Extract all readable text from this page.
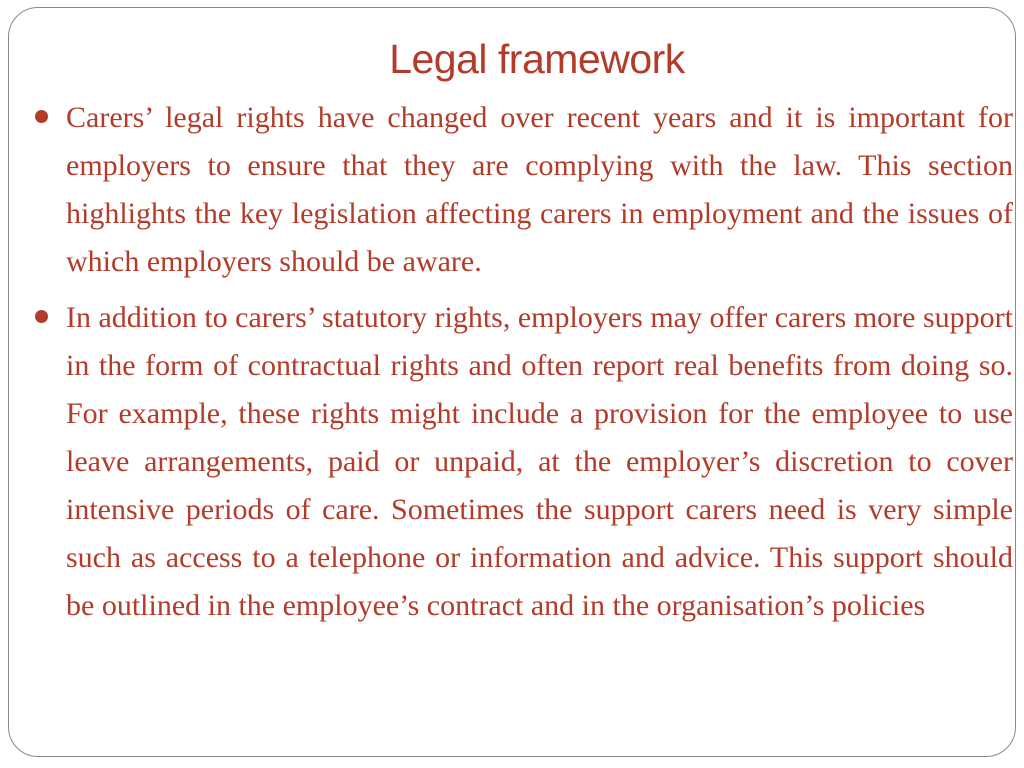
Legal framework
Carers’ legal rights have changed over recent years and it is important for employers to ensure that they are complying with the law. This section highlights the key legislation affecting carers in employment and the issues of which employers should be aware.
In addition to carers’ statutory rights, employers may offer carers more support in the form of contractual rights and often report real benefits from doing so. For example, these rights might include a provision for the employee to use leave arrangements, paid or unpaid, at the employer’s discretion to cover intensive periods of care. Sometimes the support carers need is very simple such as access to a telephone or information and advice. This support should be outlined in the employee’s contract and in the organisation’s policies
